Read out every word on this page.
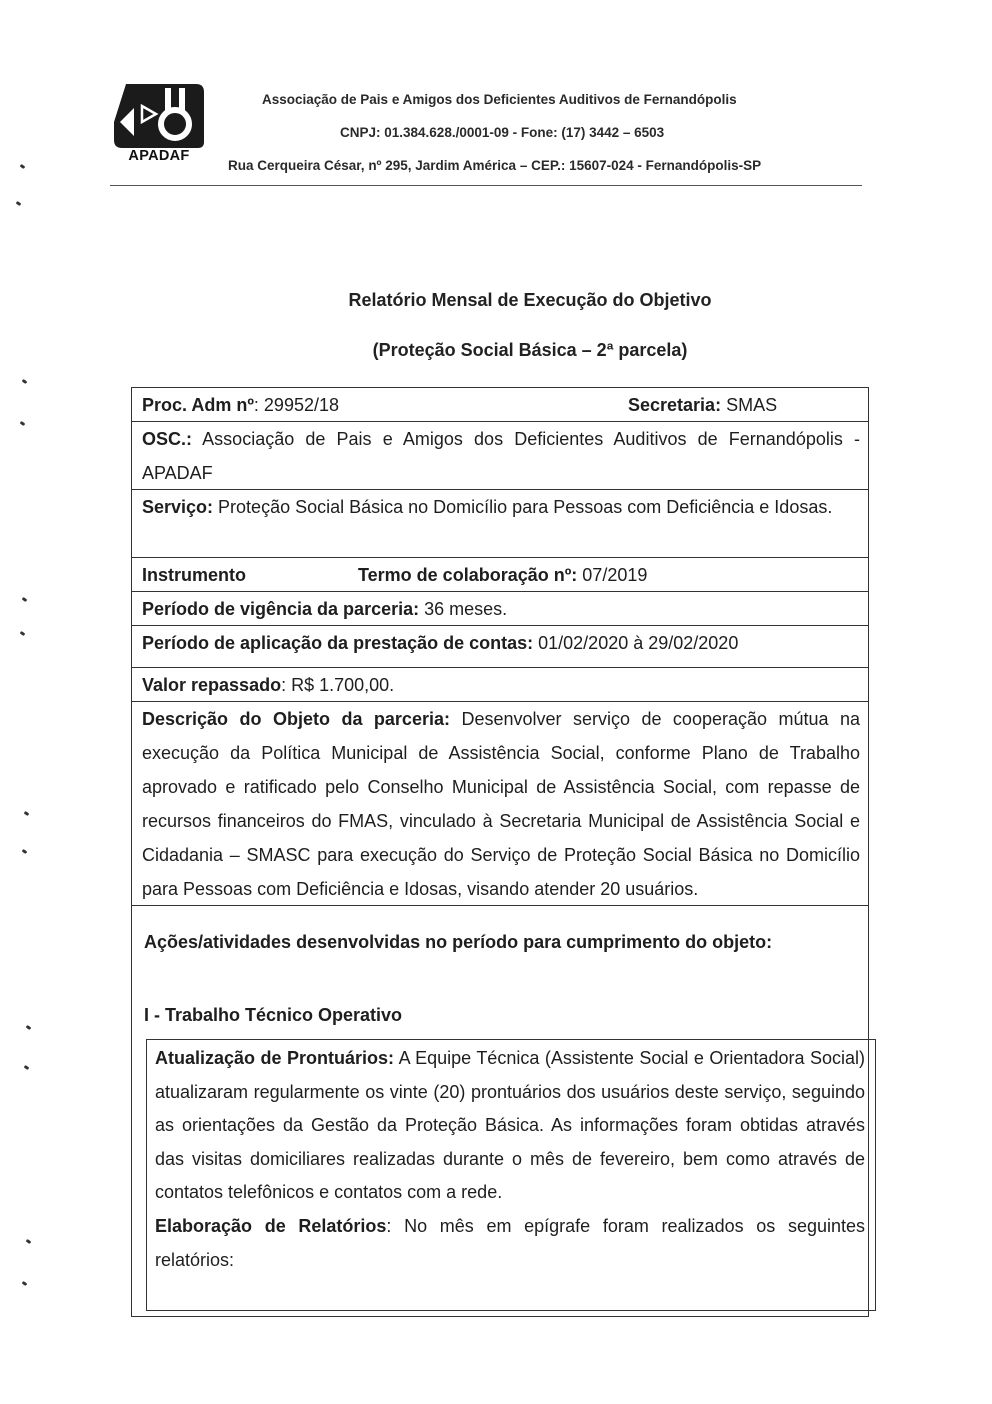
APADAF
Associação de Pais e Amigos dos Deficientes Auditivos de Fernandópolis
CNPJ: 01.384.628./0001-09 - Fone: (17) 3442 – 6503
Rua Cerqueira César, nº 295, Jardim América – CEP.: 15607-024 - Fernandópolis-SP
Relatório Mensal de Execução do Objetivo
(Proteção Social Básica – 2ª parcela)
Proc. Adm nº: 29952/18	Secretaria: SMAS
OSC.: Associação de Pais e Amigos dos Deficientes Auditivos de Fernandópolis - APADAF
Serviço: Proteção Social Básica no Domicílio para Pessoas com Deficiência e Idosas.
Instrumento	Termo de colaboração nº: 07/2019
Período de vigência da parceria: 36 meses.
Período de aplicação da prestação de contas: 01/02/2020 à 29/02/2020
Valor repassado: R$ 1.700,00.
Descrição do Objeto da parceria: Desenvolver serviço de cooperação mútua na execução da Política Municipal de Assistência Social, conforme Plano de Trabalho aprovado e ratificado pelo Conselho Municipal de Assistência Social, com repasse de recursos financeiros do FMAS, vinculado à Secretaria Municipal de Assistência Social e Cidadania – SMASC para execução do Serviço de Proteção Social Básica no Domicílio para Pessoas com Deficiência e Idosas, visando atender 20 usuários.
Ações/atividades desenvolvidas no período para cumprimento do objeto:
I - Trabalho Técnico Operativo

Atualização de Prontuários: A Equipe Técnica (Assistente Social e Orientadora Social) atualizaram regularmente os vinte (20) prontuários dos usuários deste serviço, seguindo as orientações da Gestão da Proteção Básica. As informações foram obtidas através das visitas domiciliares realizadas durante o mês de fevereiro, bem como através de contatos telefônicos e contatos com a rede.

Elaboração de Relatórios: No mês em epígrafe foram realizados os seguintes relatórios:
